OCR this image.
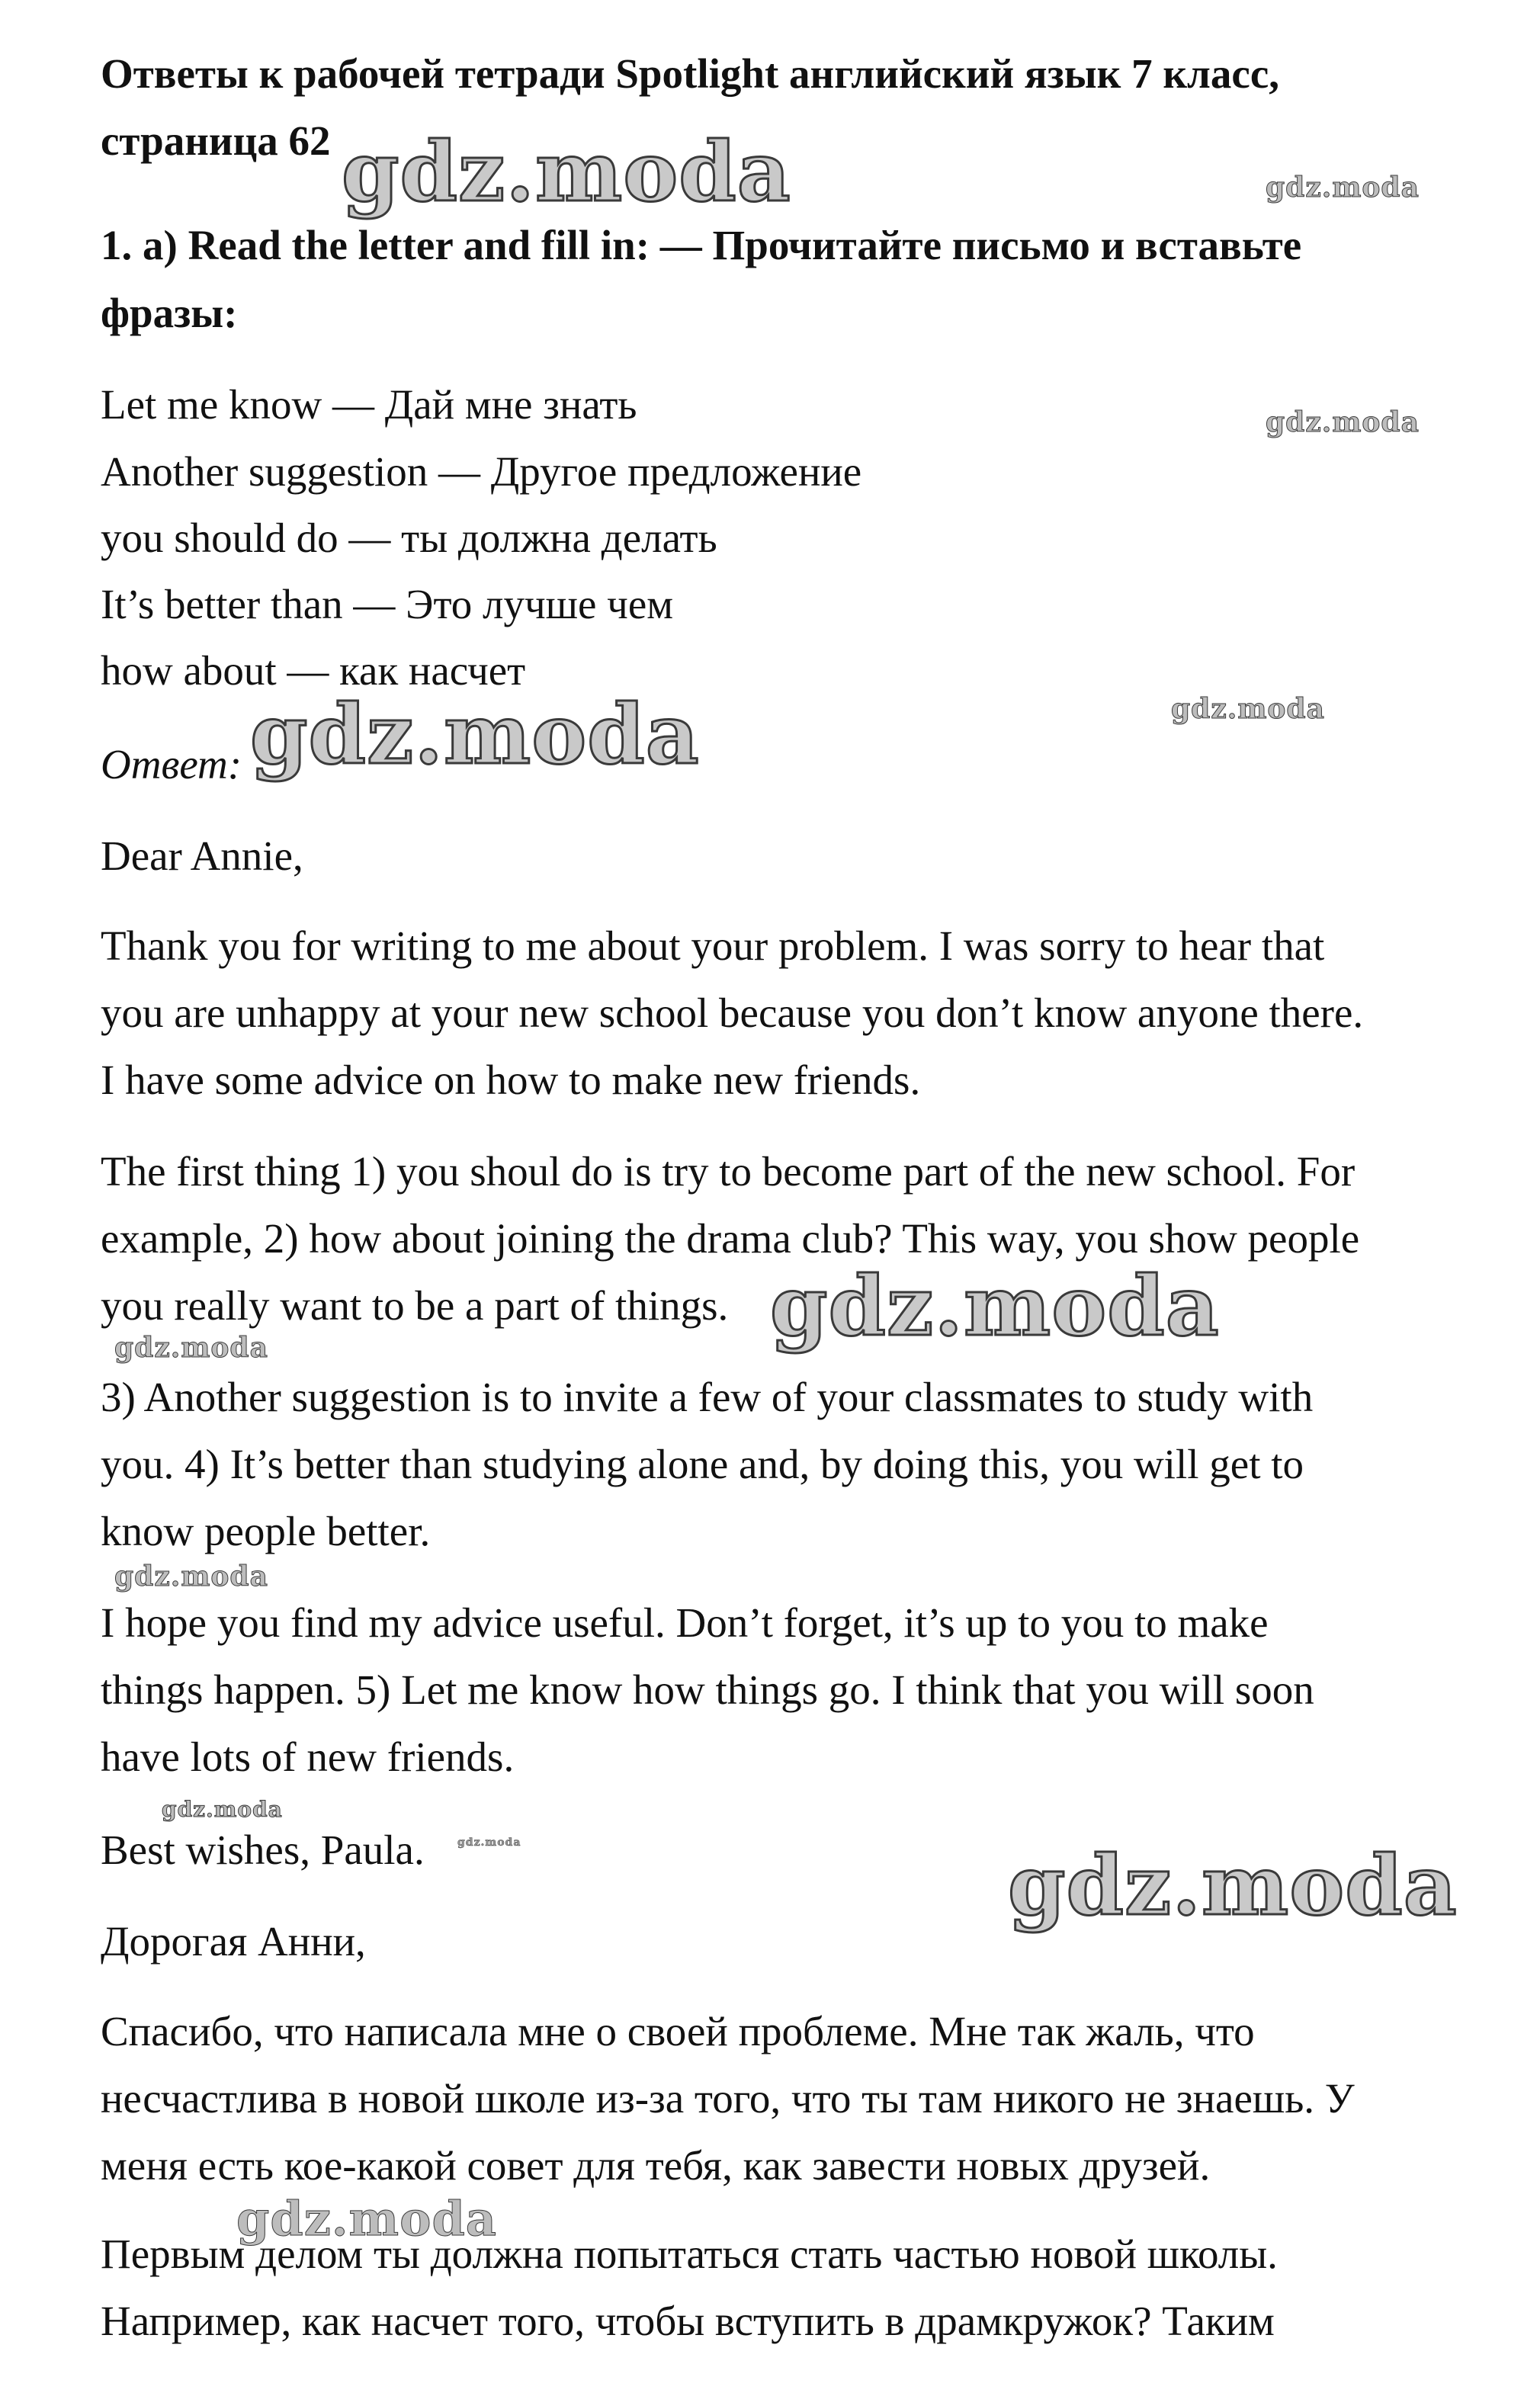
Ответы к рабочей тетради Spotlight английский язык 7 класс,
страница 62
1. a) Read the letter and fill in: — Прочитайте письмо и вставьте
фразы:
Let me know — Дай мне знать
Another suggestion — Другое предложение
you should do — ты должна делать
It’s better than — Это лучше чем
how about — как насчет
Ответ:
Dear Annie,
Thank you for writing to me about your problem. I was sorry to hear that
you are unhappy at your new school because you don’t know anyone there.
I have some advice on how to make new friends.
The first thing 1) you shoul do is try to become part of the new school. For
example, 2) how about joining the drama club? This way, you show people
you really want to be a part of things.
3) Another suggestion is to invite a few of your classmates to study with
you. 4) It’s better than studying alone and, by doing this, you will get to
know people better.
I hope you find my advice useful. Don’t forget, it’s up to you to make
things happen. 5) Let me know how things go. I think that you will soon
have lots of new friends.
Best wishes, Paula.
Дорогая Анни,
Спасибо, что написала мне о своей проблеме. Мне так жаль, что
несчастлива в новой школе из-за того, что ты там никого не знаешь. У
меня есть кое-какой совет для тебя, как завести новых друзей.
Первым делом ты должна попытаться стать частью новой школы.
Например, как насчет того, чтобы вступить в драмкружок? Таким
gdz.moda	gdz.moda
gdz.moda
gdz.moda	gdz.moda
gdz.moda
gdz.moda
gdz.moda
gdz.moda
gdz.moda	gdz.moda
gdz.moda
